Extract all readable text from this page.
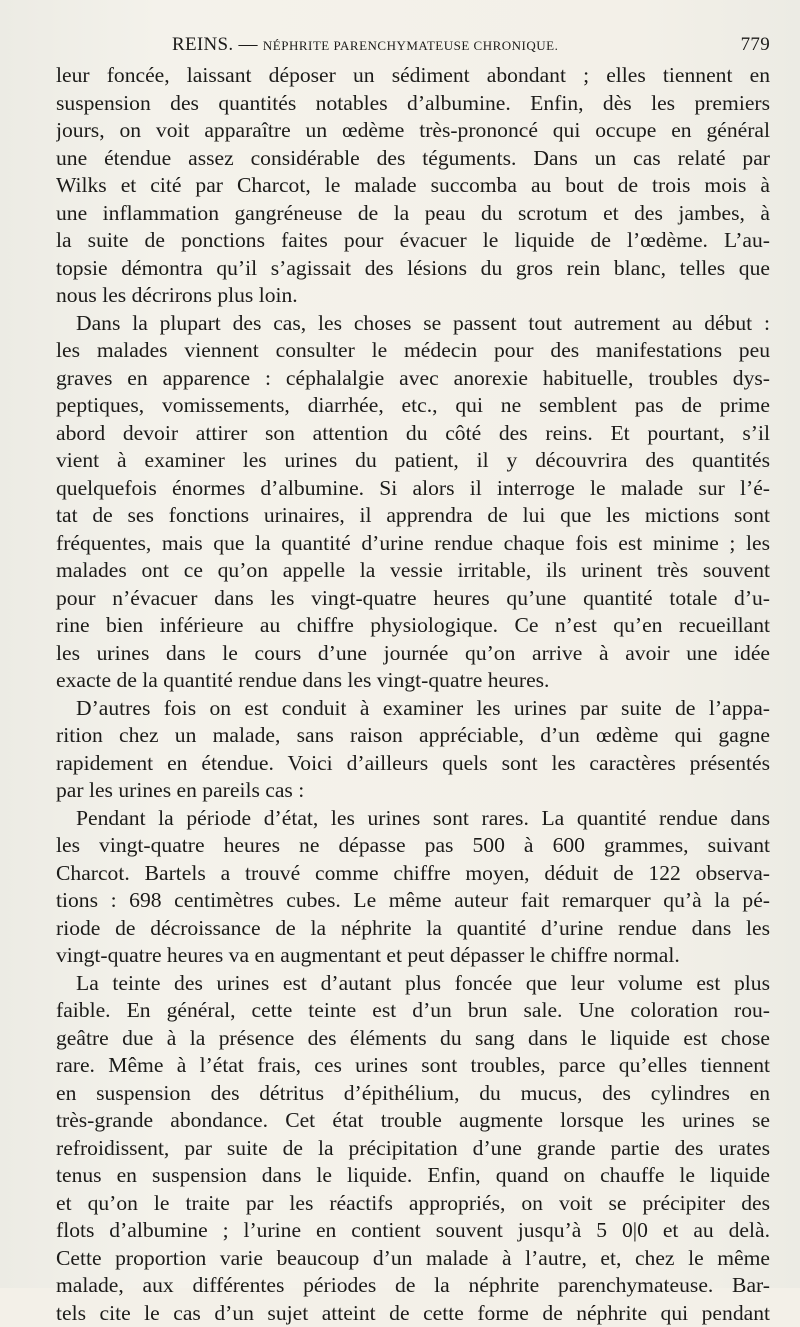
REINS. — NÉPHRITE PARENCHYMATEUSE CHRONIQUE.	779
leur foncée, laissant déposer un sédiment abondant ; elles tiennent en
suspension des quantités notables d’albumine. Enfin, dès les premiers
jours, on voit apparaître un œdème très-prononcé qui occupe en général
une étendue assez considérable des téguments. Dans un cas relaté par
Wilks et cité par Charcot, le malade succomba au bout de trois mois à
une inflammation gangréneuse de la peau du scrotum et des jambes, à
la suite de ponctions faites pour évacuer le liquide de l’œdème. L’au-
topsie démontra qu’il s’agissait des lésions du gros rein blanc, telles que
nous les décrirons plus loin.
Dans la plupart des cas, les choses se passent tout autrement au début :
les malades viennent consulter le médecin pour des manifestations peu
graves en apparence : céphalalgie avec anorexie habituelle, troubles dys-
peptiques, vomissements, diarrhée, etc., qui ne semblent pas de prime
abord devoir attirer son attention du côté des reins. Et pourtant, s’il
vient à examiner les urines du patient, il y découvrira des quantités
quelquefois énormes d’albumine. Si alors il interroge le malade sur l’é-
tat de ses fonctions urinaires, il apprendra de lui que les mictions sont
fréquentes, mais que la quantité d’urine rendue chaque fois est minime ; les
malades ont ce qu’on appelle la vessie irritable, ils urinent très souvent
pour n’évacuer dans les vingt-quatre heures qu’une quantité totale d’u-
rine bien inférieure au chiffre physiologique. Ce n’est qu’en recueillant
les urines dans le cours d’une journée qu’on arrive à avoir une idée
exacte de la quantité rendue dans les vingt-quatre heures.
D’autres fois on est conduit à examiner les urines par suite de l’appa-
rition chez un malade, sans raison appréciable, d’un œdème qui gagne
rapidement en étendue. Voici d’ailleurs quels sont les caractères présentés
par les urines en pareils cas :
Pendant la période d’état, les urines sont rares. La quantité rendue dans
les vingt-quatre heures ne dépasse pas 500 à 600 grammes, suivant
Charcot. Bartels a trouvé comme chiffre moyen, déduit de 122 observa-
tions : 698 centimètres cubes. Le même auteur fait remarquer qu’à la pé-
riode de décroissance de la néphrite la quantité d’urine rendue dans les
vingt-quatre heures va en augmentant et peut dépasser le chiffre normal.
La teinte des urines est d’autant plus foncée que leur volume est plus
faible. En général, cette teinte est d’un brun sale. Une coloration rou-
geâtre due à la présence des éléments du sang dans le liquide est chose
rare. Même à l’état frais, ces urines sont troubles, parce qu’elles tiennent
en suspension des détritus d’épithélium, du mucus, des cylindres en
très-grande abondance. Cet état trouble augmente lorsque les urines se
refroidissent, par suite de la précipitation d’une grande partie des urates
tenus en suspension dans le liquide. Enfin, quand on chauffe le liquide
et qu’on le traite par les réactifs appropriés, on voit se précipiter des
flots d’albumine ; l’urine en contient souvent jusqu’à 5 0|0 et au delà.
Cette proportion varie beaucoup d’un malade à l’autre, et, chez le même
malade, aux différentes périodes de la néphrite parenchymateuse. Bar-
tels cite le cas d’un sujet atteint de cette forme de néphrite qui pendant
